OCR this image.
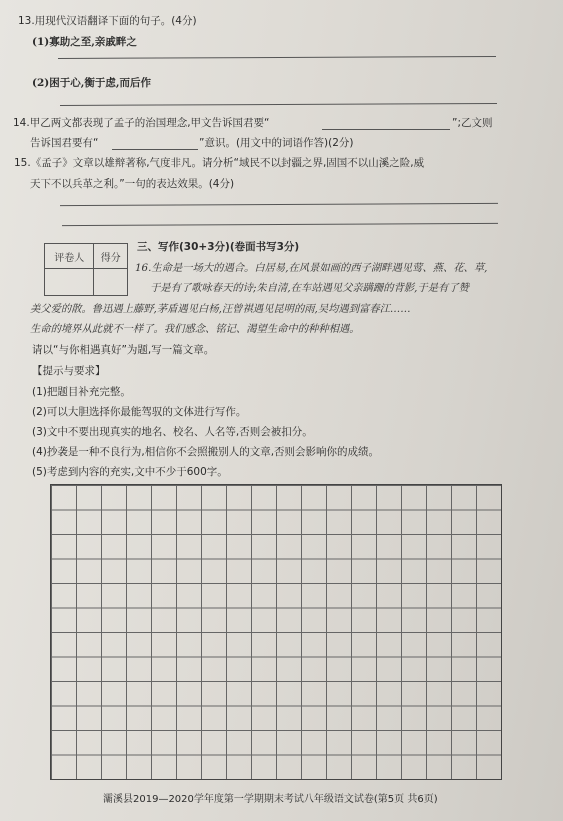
13.用现代汉语翻译下面的句子。(4分)
(1)寡助之至,亲戚畔之
(2)困于心,衡于虑,而后作
14.甲乙两文都表现了孟子的治国理念,甲文告诉国君要“	”;乙文则
告诉国君要有“	”意识。(用文中的词语作答)(2分)
15.《孟子》文章以雄辩著称,气度非凡。请分析“域民不以封疆之界,固国不以山溪之险,威
天下不以兵革之利。”一句的表达效果。(4分)
评卷人	得分

三、写作(30+3分)(卷面书写3分)
16.生命是一场大的遇合。白居易,在风景如画的西子湖畔遇见莺、燕、花、草,
于是有了歌咏春天的诗;朱自清,在车站遇见父亲蹒跚的背影,于是有了赞
美父爱的散。鲁迅遇上藤野,茅盾遇见白杨,汪曾祺遇见昆明的雨,吴均遇到富春江……
生命的境界从此就不一样了。我们感念、铭记、渴望生命中的种种相遇。
请以“与你相遇真好”为题,写一篇文章。
【提示与要求】
(1)把题目补充完整。
(2)可以大胆选择你最能驾驭的文体进行写作。
(3)文中不要出现真实的地名、校名、人名等,否则会被扣分。
(4)抄袭是一种不良行为,相信你不会照搬别人的文章,否则会影响你的成绩。
(5)考虑到内容的充实,文中不少于600字。
灞溪县2019—2020学年度第一学期期末考试八年级语文试卷(第5页 共6页)
